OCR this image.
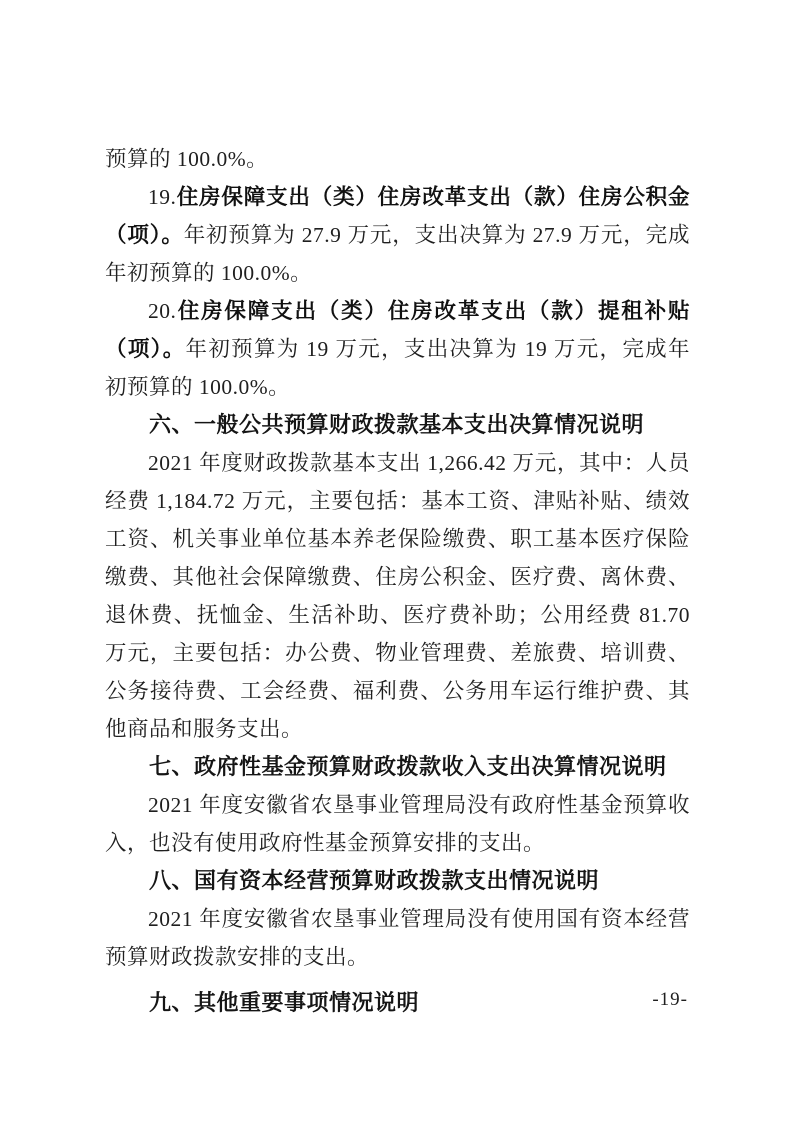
预算的 100.0%。

19.住房保障支出（类）住房改革支出（款）住房公积金（项）。年初预算为 27.9 万元，支出决算为 27.9 万元，完成年初预算的 100.0%。

20.住房保障支出（类）住房改革支出（款）提租补贴（项）。年初预算为 19 万元，支出决算为 19 万元，完成年初预算的 100.0%。

六、一般公共预算财政拨款基本支出决算情况说明

2021 年度财政拨款基本支出 1,266.42 万元，其中：人员经费 1,184.72 万元，主要包括：基本工资、津贴补贴、绩效工资、机关事业单位基本养老保险缴费、职工基本医疗保险缴费、其他社会保障缴费、住房公积金、医疗费、离休费、退休费、抚恤金、生活补助、医疗费补助；公用经费 81.70 万元，主要包括：办公费、物业管理费、差旅费、培训费、公务接待费、工会经费、福利费、公务用车运行维护费、其他商品和服务支出。

七、政府性基金预算财政拨款收入支出决算情况说明

2021 年度安徽省农垦事业管理局没有政府性基金预算收入，也没有使用政府性基金预算安排的支出。

八、国有资本经营预算财政拨款支出情况说明

2021 年度安徽省农垦事业管理局没有使用国有资本经营预算财政拨款安排的支出。

九、其他重要事项情况说明	-19-
